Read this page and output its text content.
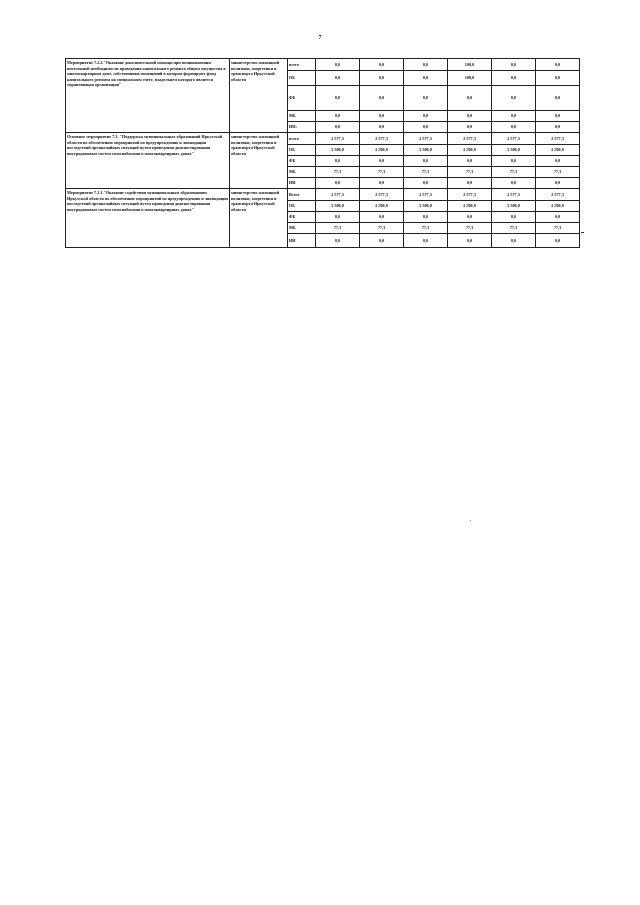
7
Мероприятие 7.2.2."Оказание дополнительной помощи при возникновении неотложной необходимости проведения капитального ремонта общего имущества в многоквартирном доме, собственники помещений в котором формируют фонд капитального ремонта на специальном счете, владельцем которого является управляющая организация"	министерство жилищной политики, энергетики и транспорта Иркутской области	всего	0,0	0,0	0,0	100,0	0,0	0,0
		ОБ	0,0	0,0	0,0	100,0	0,0	0,0
		ФБ	0,0	0,0	0,0	0,0	0,0	0,0
		МБ	0,0	0,0	0,0	0,0	0,0	0,0
		ИИ:	0,0	0,0	0,0	0,0	0,0	0,0
Основное мероприятие 7.3. "Поддержка муниципальных образований Иркутской области по обеспечению мероприятий по предупреждению и ликвидации последствий чрезвычайных ситуаций путем проведения диагностирования внутридомовых систем газоснабжения в многоквартирных домах"	министерство жилищной политики, энергетики и транспорта Иркутской области	всего	2 577,3	2 577,3	2 577,3	2 577,3	2 577,3	2 577,3
		ОБ	2 500,0	2 500,0	2 500,0	2 500,0	2 500,0	2 500,0
		ФБ	0,0	0,0	0,0	0,0	0,0	0,0
		МБ	77,3	77,3	77,3	77,3	77,3	77,3
		ИИ	0,0	0,0	0,0	0,0	0,0	0,0
Мероприятие 7.3.1."Оказание содействия муниципальным образованиям Иркутской области по обеспечению мероприятий по предупреждению и ликвидации последствий чрезвычайных ситуаций путем проведения диагностирования внутридомовых систем газоснабжения в многоквартирных домах"	министерство жилищной политики, энергетики и транспорта Иркутской области	Всего	2 577,3	2 577,3	2 577,3	2 577,3	2 577,3	2 577,3
		ОБ	2 500,0	2 500,0	2 500,0	2 500,0	2 500,0	2 500,0
		ФБ	0,0	0,0	0,0	0,0	0,0	0,0
		МБ	77,3	77,3	77,3	77,3	77,3	77,3
		ИИ	0,0	0,0	0,0	0,0	0,0	0,0
